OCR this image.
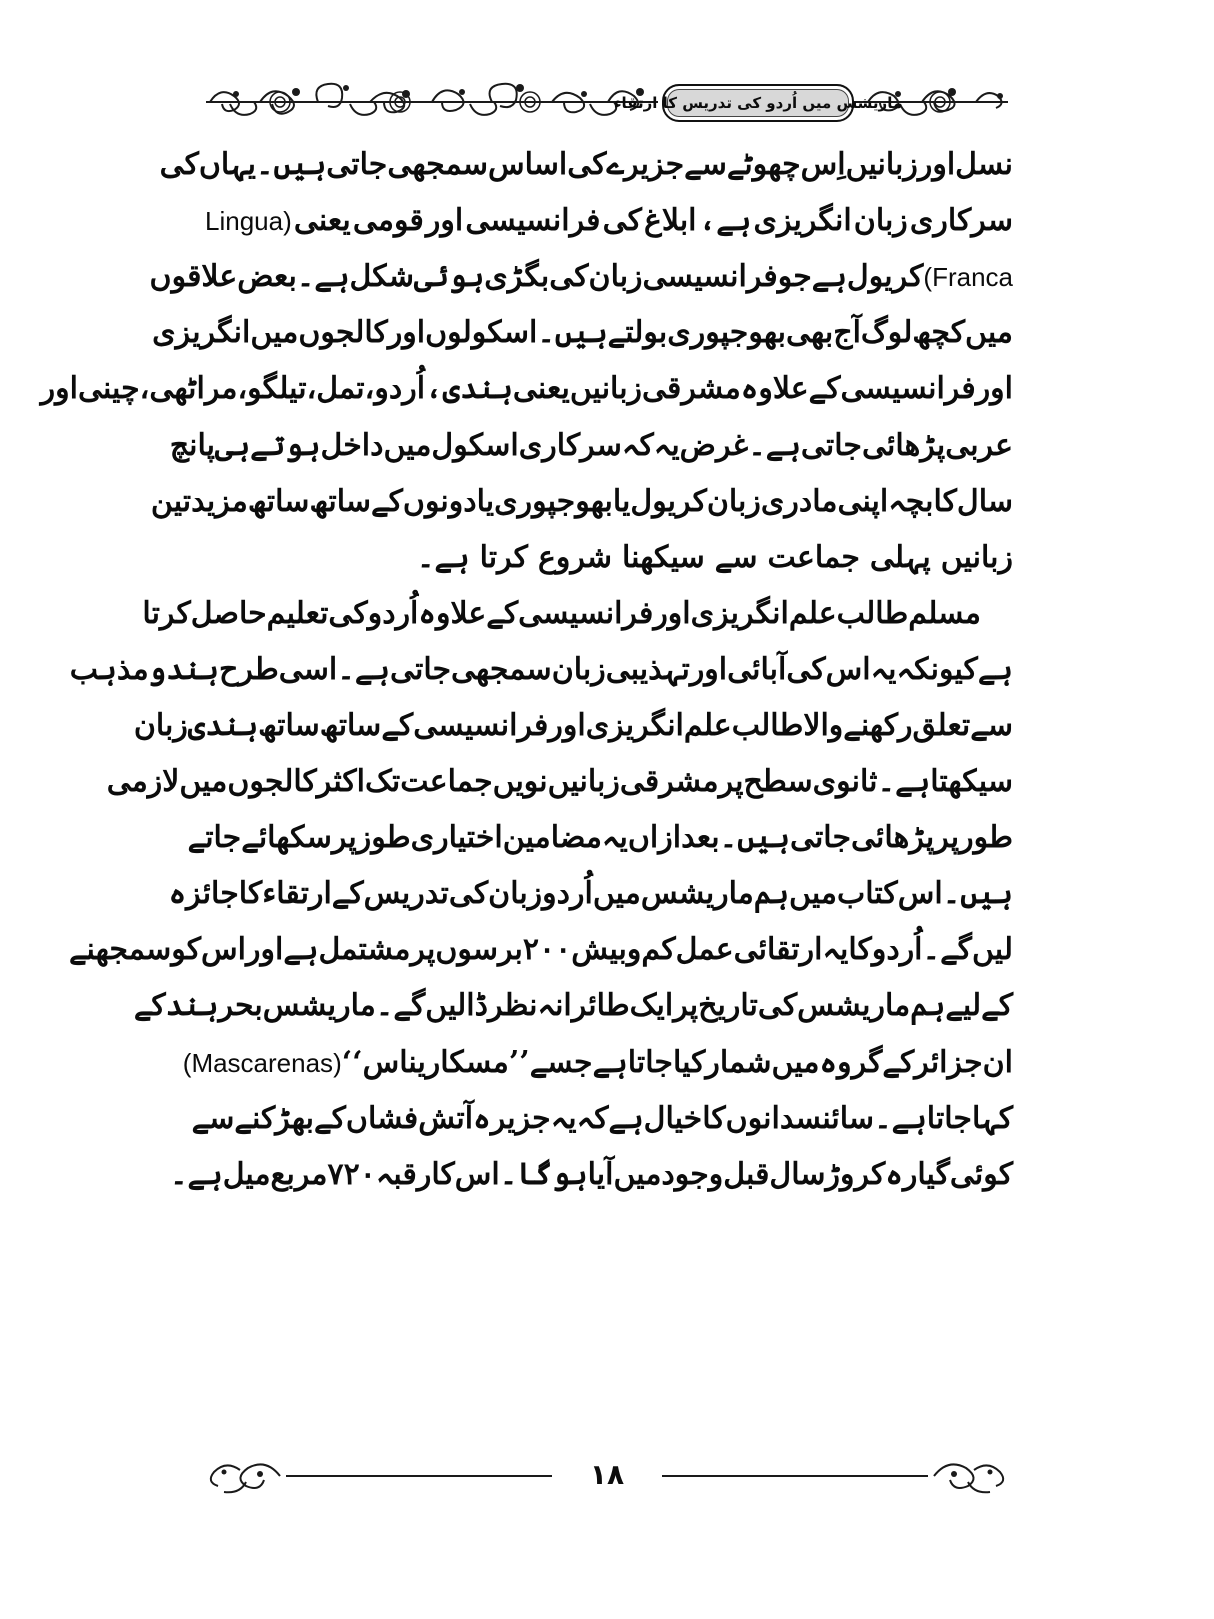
ماریشس میں اُردو کی تدریس کا ارتقاء
نسل
اور
زبانیں
اِس
چھوٹے
سے
جزیرے
کی
اساس
سمجھی
جاتی
ہیں۔
یہاں
کی
سرکاری
زبان
انگریزی
ہے،
ابلاغ
کی
فرانسیسی
اور
قومی
یعنی
(Lingua
Franca)
کریول
ہے
جو
فرانسیسی
زبان
کی
بگڑی
ہوئی
شکل
ہے۔
بعض
علاقوں
میں
کچھ
لوگ
آج
بھی
بھوجپوری
بولتے
ہیں۔
اسکولوں
اور
کالجوں
میں
انگریزی
اور
فرانسیسی
کے
علاوہ
مشرقی
زبانیں
یعنی
ہندی،
اُردو،
تمل،
تیلگو،
مراٹھی،
چینی
اور
عربی
پڑھائی
جاتی
ہے۔
غرض
یہ
کہ
سرکاری
اسکول
میں
داخل
ہوتے
ہی
پانچ
سال
کا
بچہ
اپنی
مادری
زبان
کریول
یا
بھوجپوری
یا
دونوں
کے
ساتھ
ساتھ
مزید
تین
زبانیں
پہلی
جماعت
سے
سیکھنا
شروع
کرتا
ہے۔
مسلم
طالب
علم
انگریزی
اور
فرانسیسی
کے
علاوہ
اُردو
کی
تعلیم
حاصل
کرتا
ہے
کیونکہ
یہ
اس
کی
آبائی
اور
تہذیبی
زبان
سمجھی
جاتی
ہے۔
اسی
طرح
ہندو
مذہب
سے
تعلق
رکھنے
والا
طالب
علم
انگریزی
اور
فرانسیسی
کے
ساتھ
ساتھ
ہندی
زبان
سیکھتا
ہے۔
ثانوی
سطح
پر
مشرقی
زبانیں
نویں
جماعت
تک
اکثر
کالجوں
میں
لازمی
طور
پر
پڑھائی
جاتی
ہیں۔
بعد
ازاں
یہ
مضامین
اختیاری
طوز
پر
سکھائے
جاتے
ہیں۔
اس
کتاب
میں
ہم
ماریشس
میں
اُردو
زبان
کی
تدریس
کے
ارتقاء
کا
جائزہ
لیں
گے۔
اُردو
کا
یہ
ارتقائی
عمل
کم
و
بیش
۲۰۰
برسوں
پر
مشتمل
ہے
اور
اس
کو
سمجھنے
کے
لیے
ہم
ماریشس
کی
تاریخ
پر
ایک
طائرانہ
نظر
ڈالیں
گے۔
ماریشس
بحر
ہند
کے
ان
جزائر
کے
گروہ
میں
شمار
کیا
جاتا
ہے
جسے
’’مسکاریناس‘‘
(Mascarenas)
کہا
جاتا
ہے۔
سائنسدانوں
کا
خیال
ہے
کہ
یہ
جزیرہ
آتش
فشاں
کے
بھڑکنے
سے
کوئی
گیارہ
کروڑ
سال
قبل
وجود
میں
آیا
ہوگا۔
اس
کا
رقبہ
۷۲۰
مربع
میل
ہے۔
۱۸
